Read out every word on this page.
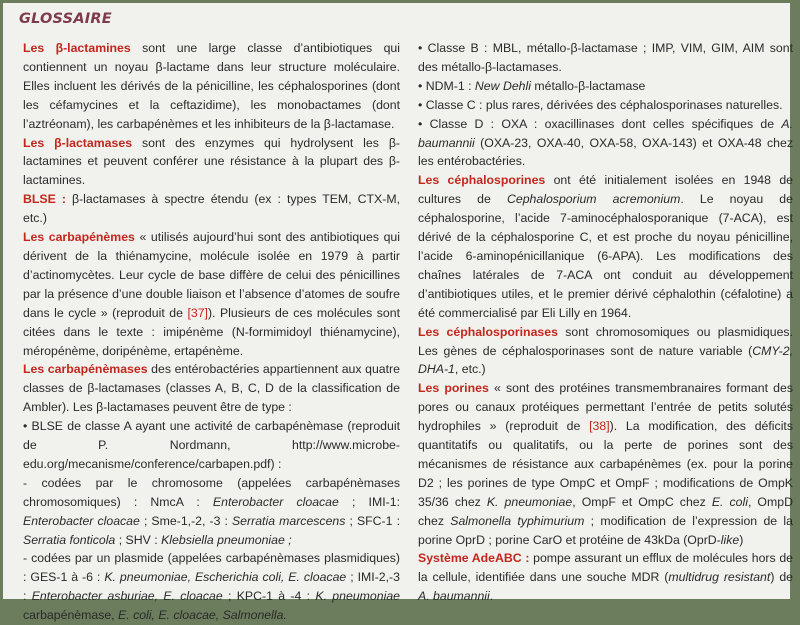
GLOSSAIRE

Les β-lactamines sont une large classe d’antibiotiques qui contiennent un noyau β-lactame dans leur structure moléculaire. Elles incluent les dérivés de la pénicilline, les céphalosporines (dont les céfamycines et la ceftazidime), les monobactames (dont l’aztréonam), les carbapénèmes et les inhibiteurs de la β-lactamase.

Les β-lactamases sont des enzymes qui hydrolysent les β-lactamines et peuvent conférer une résistance à la plupart des β-lactamines.

BLSE : β-lactamases à spectre étendu (ex : types TEM, CTX-M, etc.)

Les carbapénèmes « utilisés aujourd’hui sont des antibiotiques qui dérivent de la thiénamycine, molécule isolée en 1979 à partir d’actinomycètes. Leur cycle de base diffère de celui des pénicillines par la présence d’une double liaison et l’absence d’atomes de soufre dans le cycle » (reproduit de [37]). Plusieurs de ces molécules sont citées dans le texte : imipénème (N-formimidoyl thiénamycine), méropénème, doripénème, ertapénème.

Les carbapénèmases des entérobactéries appartiennent aux quatre classes de β-lactamases (classes A, B, C, D de la classification de Ambler). Les β-lactamases peuvent être de type :

• BLSE de classe A ayant une activité de carbapénèmase (reproduit de P. Nordmann, http://www.microbe-edu.org/mecanisme/conference/carbapen.pdf) :

- codées par le chromosome (appelées carbapénèmases chromosomiques) : NmcA : Enterobacter cloacae ; IMI-1: Enterobacter cloacae ; Sme-1,-2, -3 : Serratia marcescens ; SFC-1 : Serratia fonticola ; SHV : Klebsiella pneumoniae ;

- codées par un plasmide (appelées carbapénèmases plasmidiques) : GES-1 à -6 : K. pneumoniae, Escherichia coli, E. cloacae ; IMI-2,-3 : Enterobacter asburiae, E. cloacae ; KPC-1 à -4 : K. pneumoniae carbapénèmase, E. coli, E. cloacae, Salmonella.

• Classe B : MBL, métallo-β-lactamase ; IMP, VIM, GIM, AIM sont des métallo-β-lactamases.

• NDM-1 : New Dehli métallo-β-lactamase

• Classe C : plus rares, dérivées des céphalosporinases naturelles.

• Classe D : OXA : oxacillinases dont celles spécifiques de A. baumannii (OXA-23, OXA-40, OXA-58, OXA-143) et OXA-48 chez les entérobactéries.

Les céphalosporines ont été initialement isolées en 1948 de cultures de Cephalosporium acremonium. Le noyau de céphalosporine, l’acide 7-aminocéphalosporanique (7-ACA), est dérivé de la céphalosporine C, et est proche du noyau pénicilline, l’acide 6-aminopénicillanique (6-APA). Les modifications des chaînes latérales de 7-ACA ont conduit au développement d’antibiotiques utiles, et le premier dérivé céphalothin (céfalotine) a été commercialisé par Eli Lilly en 1964.

Les céphalosporinases sont chromosomiques ou plasmidiques. Les gènes de céphalosporinases sont de nature variable (CMY-2, DHA-1, etc.)

Les porines « sont des protéines transmembranaires formant des pores ou canaux protéiques permettant l’entrée de petits solutés hydrophiles » (reproduit de [38]). La modification, des déficits quantitatifs ou qualitatifs, ou la perte de porines sont des mécanismes de résistance aux carbapénèmes (ex. pour la porine D2 ; les porines de type OmpC et OmpF ; modifications de OmpK 35/36 chez K. pneumoniae, OmpF et OmpC chez E. coli, OmpD chez Salmonella typhimurium ; modification de l’expression de la porine OprD ; porine CarO et protéine de 43kDa (OprD-like)

Système AdeABC : pompe assurant un efflux de molécules hors de la cellule, identifiée dans une souche MDR (multidrug resistant) de A. baumannii.
